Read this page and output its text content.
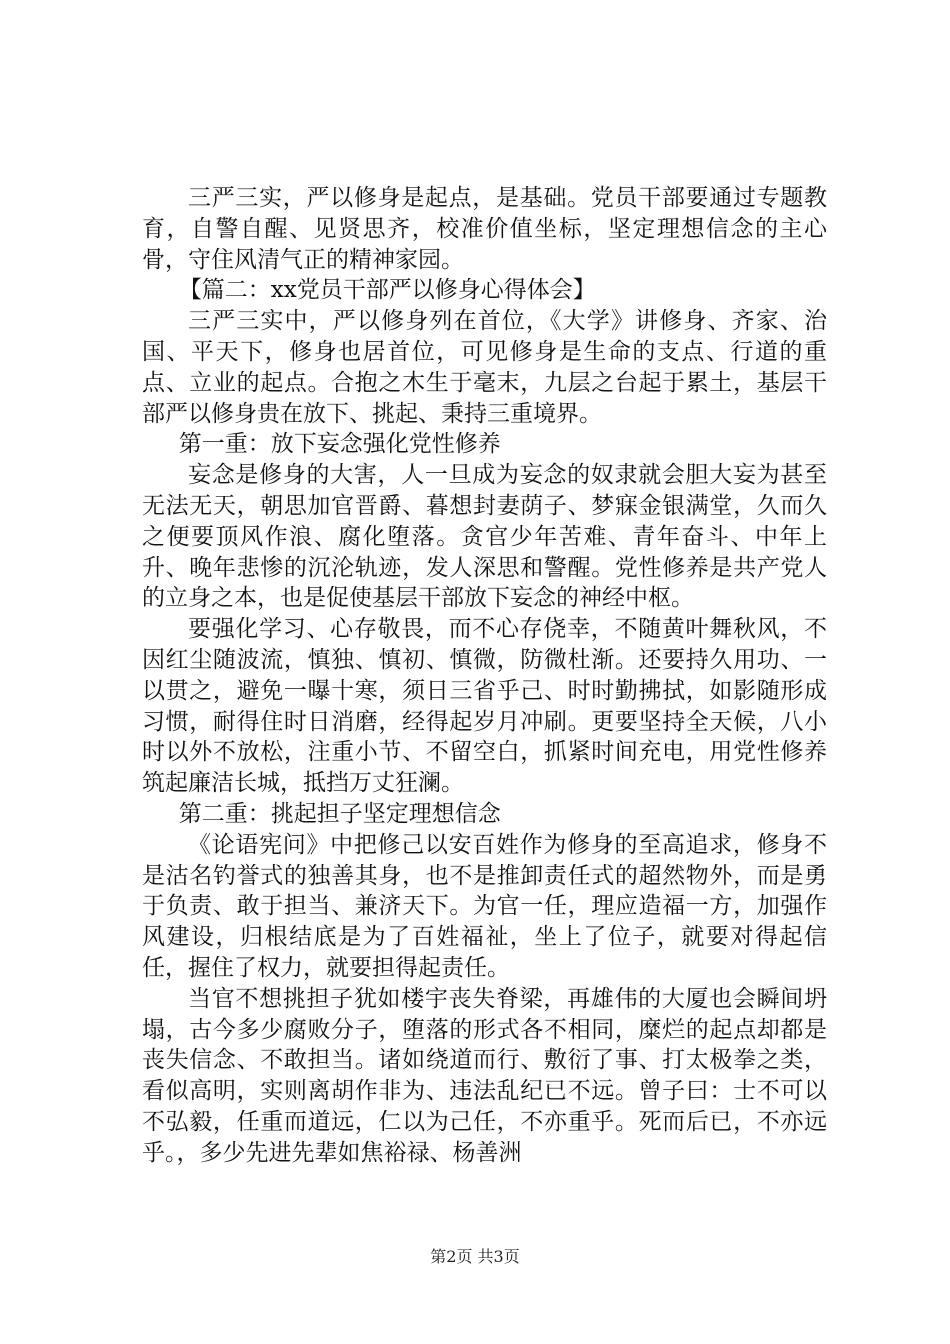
三严三实，严以修身是起点，是基础。党员干部要通过专题教育，自警自醒、见贤思齐，校准价值坐标，坚定理想信念的主心骨，守住风清气正的精神家园。

【篇二：xx党员干部严以修身心得体会】

三严三实中，严以修身列在首位，《大学》讲修身、齐家、治国、平天下，修身也居首位，可见修身是生命的支点、行道的重点、立业的起点。合抱之木生于毫末，九层之台起于累土，基层干部严以修身贵在放下、挑起、秉持三重境界。

第一重：放下妄念强化党性修养

妄念是修身的大害，人一旦成为妄念的奴隶就会胆大妄为甚至无法无天，朝思加官晋爵、暮想封妻荫子、梦寐金银满堂，久而久之便要顶风作浪、腐化堕落。贪官少年苦难、青年奋斗、中年上升、晚年悲惨的沉沦轨迹，发人深思和警醒。党性修养是共产党人的立身之本，也是促使基层干部放下妄念的神经中枢。

要强化学习、心存敬畏，而不心存侥幸，不随黄叶舞秋风，不因红尘随波流，慎独、慎初、慎微，防微杜渐。还要持久用功、一以贯之，避免一曝十寒，须日三省乎己、时时勤拂拭，如影随形成习惯，耐得住时日消磨，经得起岁月冲刷。更要坚持全天候，八小时以外不放松，注重小节、不留空白，抓紧时间充电，用党性修养筑起廉洁长城，抵挡万丈狂澜。

第二重：挑起担子坚定理想信念

《论语宪问》中把修己以安百姓作为修身的至高追求，修身不是沽名钓誉式的独善其身，也不是推卸责任式的超然物外，而是勇于负责、敢于担当、兼济天下。为官一任，理应造福一方，加强作风建设，归根结底是为了百姓福祉，坐上了位子，就要对得起信任，握住了权力，就要担得起责任。

当官不想挑担子犹如楼宇丧失脊梁，再雄伟的大厦也会瞬间坍塌，古今多少腐败分子，堕落的形式各不相同，糜烂的起点却都是丧失信念、不敢担当。诸如绕道而行、敷衍了事、打太极拳之类，看似高明，实则离胡作非为、违法乱纪已不远。曾子曰：士不可以不弘毅，任重而道远，仁以为己任，不亦重乎。死而后已，不亦远乎。，多少先进先辈如焦裕禄、杨善洲

第2页 共3页
